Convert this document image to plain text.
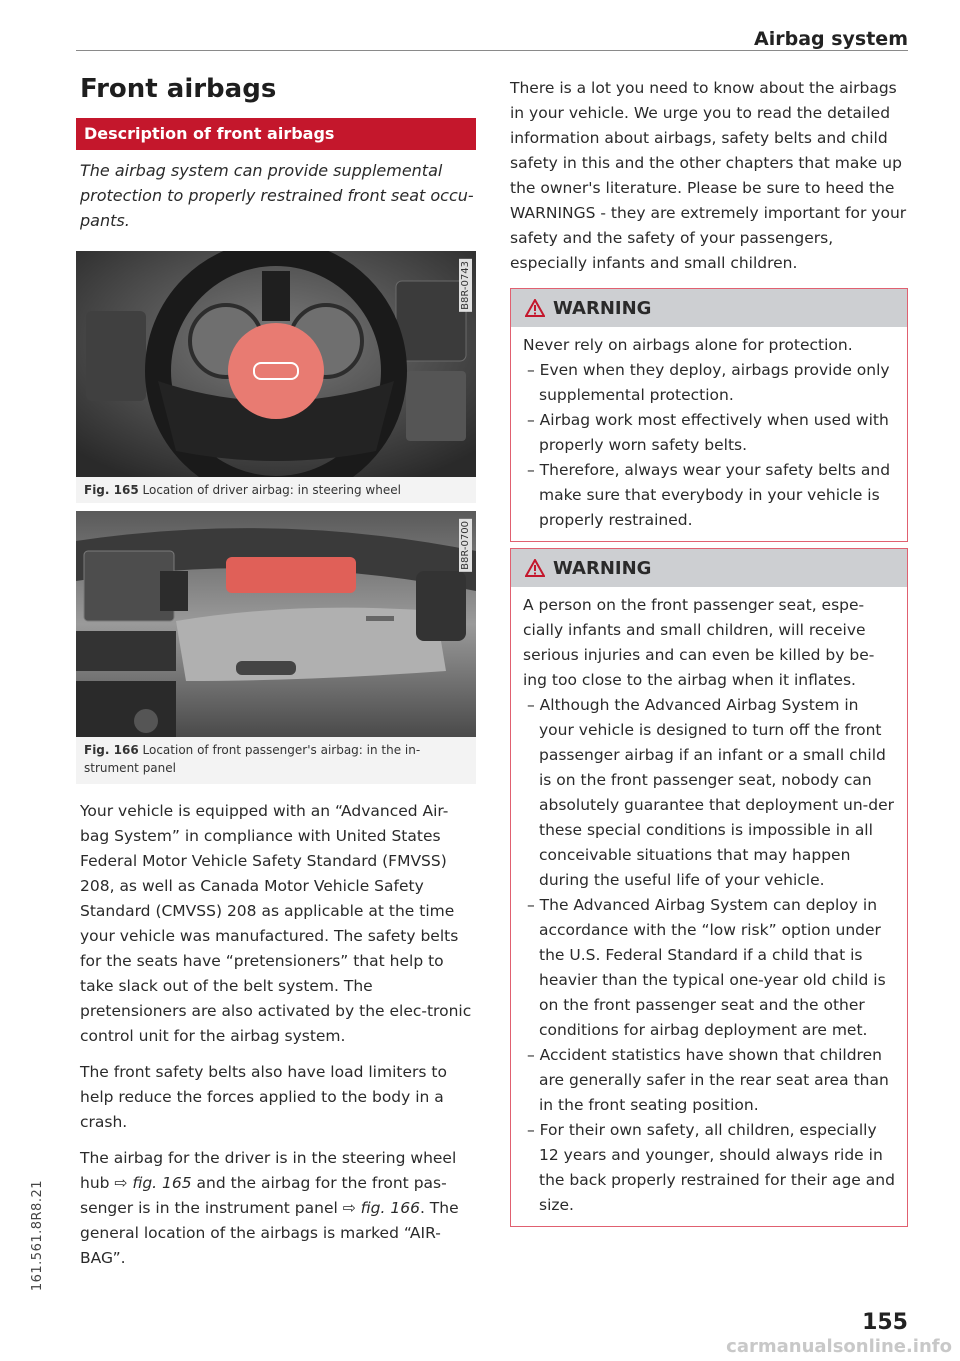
Airbag system
Front airbags
Description of front airbags
The airbag system can provide supplemental protection to properly restrained front seat occu-pants.
B8R-0743
Fig. 165 Location of driver airbag: in steering wheel
B8R-0700
Fig. 166 Location of front passenger's airbag: in the in-strument panel

Your vehicle is equipped with an “Advanced Air-bag System” in compliance with United States Federal Motor Vehicle Safety Standard (FMVSS) 208, as well as Canada Motor Vehicle Safety Standard (CMVSS) 208 as applicable at the time your vehicle was manufactured. The safety belts for the seats have “pretensioners” that help to take slack out of the belt system. The pretensioners are also activated by the elec-tronic control unit for the airbag system.

The front safety belts also have load limiters to help reduce the forces applied to the body in a crash.

The airbag for the driver is in the steering wheel hub ⇨ fig. 165 and the airbag for the front pas-senger is in the instrument panel ⇨ fig. 166. The general location of the airbags is marked “AIR-BAG”.

There is a lot you need to know about the airbags in your vehicle. We urge you to read the detailed information about airbags, safety belts and child safety in this and the other chapters that make up the owner's literature. Please be sure to heed the WARNINGS - they are extremely important for your safety and the safety of your passengers, especially infants and small children.
WARNING

Never rely on airbags alone for protection.

– Even when they deploy, airbags provide only supplemental protection.
– Airbag work most effectively when used with properly worn safety belts.
– Therefore, always wear your safety belts and make sure that everybody in your vehicle is properly restrained.
WARNING

A person on the front passenger seat, espe-cially infants and small children, will receive serious injuries and can even be killed by be-ing too close to the airbag when it inflates.

– Although the Advanced Airbag System in your vehicle is designed to turn off the front passenger airbag if an infant or a small child is on the front passenger seat, nobody can absolutely guarantee that deployment un-der these special conditions is impossible in all conceivable situations that may happen during the useful life of your vehicle.
– The Advanced Airbag System can deploy in accordance with the “low risk” option under the U.S. Federal Standard if a child that is heavier than the typical one-year old child is on the front passenger seat and the other conditions for airbag deployment are met.
– Accident statistics have shown that children are generally safer in the rear seat area than in the front seating position.
– For their own safety, all children, especially 12 years and younger, should always ride in the back properly restrained for their age and size.
161.561.8R8.21
155
carmanualsonline.info
